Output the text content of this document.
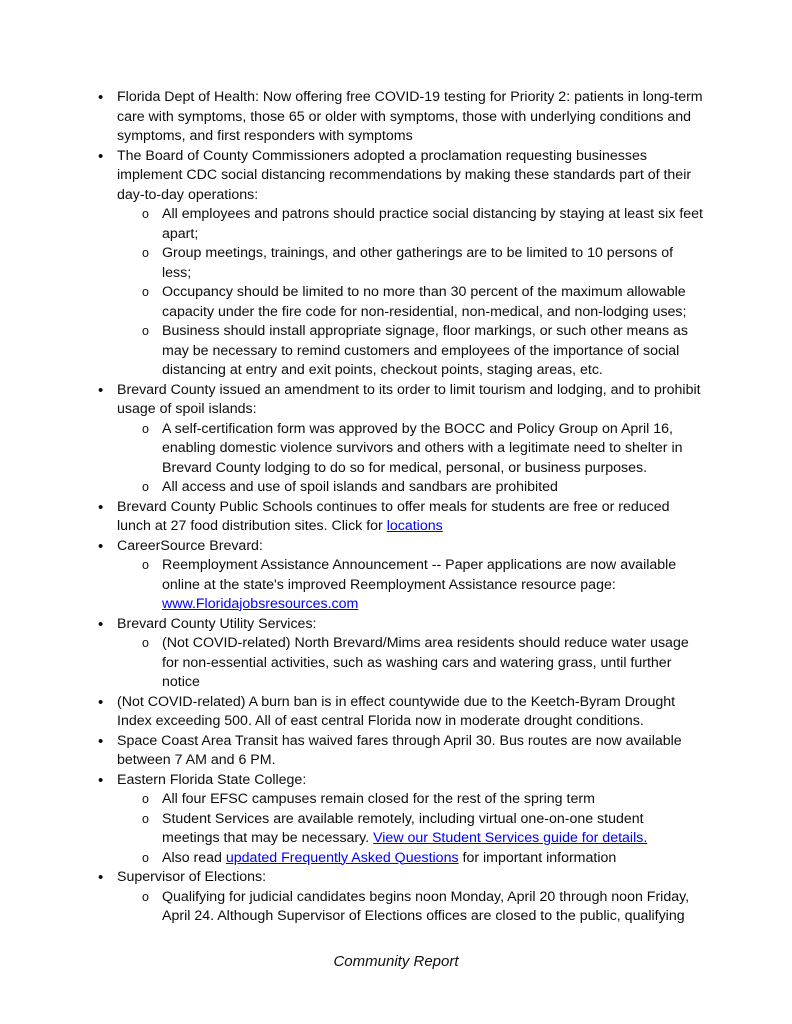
• Florida Dept of Health: Now offering free COVID-19 testing for Priority 2: patients in long-term care with symptoms, those 65 or older with symptoms, those with underlying conditions and symptoms, and first responders with symptoms
• The Board of County Commissioners adopted a proclamation requesting businesses implement CDC social distancing recommendations by making these standards part of their day-to-day operations:
o All employees and patrons should practice social distancing by staying at least six feet apart;
o Group meetings, trainings, and other gatherings are to be limited to 10 persons of less;
o Occupancy should be limited to no more than 30 percent of the maximum allowable capacity under the fire code for non-residential, non-medical, and non-lodging uses;
o Business should install appropriate signage, floor markings, or such other means as may be necessary to remind customers and employees of the importance of social distancing at entry and exit points, checkout points, staging areas, etc.
• Brevard County issued an amendment to its order to limit tourism and lodging, and to prohibit usage of spoil islands:
o A self-certification form was approved by the BOCC and Policy Group on April 16, enabling domestic violence survivors and others with a legitimate need to shelter in Brevard County lodging to do so for medical, personal, or business purposes.
o All access and use of spoil islands and sandbars are prohibited
• Brevard County Public Schools continues to offer meals for students are free or reduced lunch at 27 food distribution sites. Click for locations
• CareerSource Brevard:
o Reemployment Assistance Announcement -- Paper applications are now available online at the state's improved Reemployment Assistance resource page: www.Floridajobsresources.com
• Brevard County Utility Services:
o (Not COVID-related) North Brevard/Mims area residents should reduce water usage for non-essential activities, such as washing cars and watering grass, until further notice
• (Not COVID-related) A burn ban is in effect countywide due to the Keetch-Byram Drought Index exceeding 500. All of east central Florida now in moderate drought conditions.
• Space Coast Area Transit has waived fares through April 30. Bus routes are now available between 7 AM and 6 PM.
• Eastern Florida State College:
o All four EFSC campuses remain closed for the rest of the spring term
o Student Services are available remotely, including virtual one-on-one student meetings that may be necessary. View our Student Services guide for details.
o Also read updated Frequently Asked Questions for important information
• Supervisor of Elections:
o Qualifying for judicial candidates begins noon Monday, April 20 through noon Friday, April 24. Although Supervisor of Elections offices are closed to the public, qualifying
Community Report
